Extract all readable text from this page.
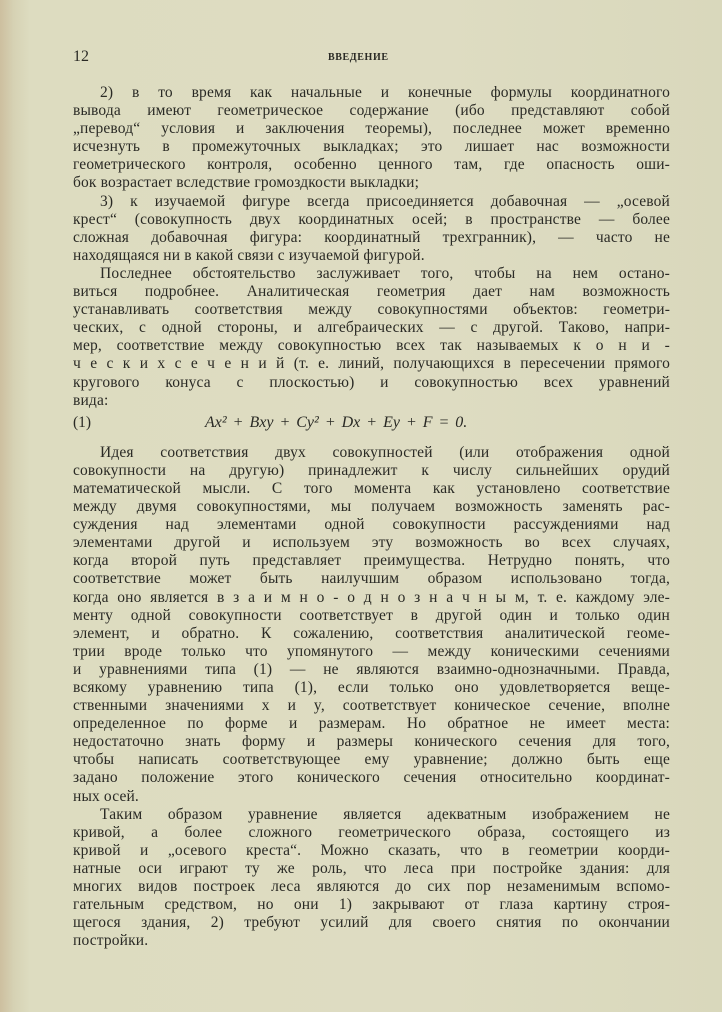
12	ВВЕДЕНИЕ
2) в то время как начальные и конечные формулы координатного
вывода имеют геометрическое содержание (ибо представляют собой
„перевод“ условия и заключения теоремы), последнее может временно
исчезнуть в промежуточных выкладках; это лишает нас возможности
геометрического контроля, особенно ценного там, где опасность оши-
бок возрастает вследствие громоздкости выкладки;
3) к изучаемой фигуре всегда присоединяется добавочная — „осевой
крест“ (совокупность двух координатных осей; в пространстве — более
сложная добавочная фигура: координатный трехгранник), — часто не
находящаяся ни в какой связи с изучаемой фигурой.
Последнее обстоятельство заслуживает того, чтобы на нем остано-
виться подробнее. Аналитическая геометрия дает нам возможность
устанавливать соответствия между совокупностями объектов: геометри-
ческих, с одной стороны, и алгебраических — с другой. Таково, напри-
мер, соответствие между совокупностью всех так называемых к о н и -
ч е с к и х с е ч е н и й (т. е. линий, получающихся в пересечении прямого
кругового конуса с плоскостью) и совокупностью всех уравнений
вида:
(1)	Ax² + Bxy + Cy² + Dx + Ey + F = 0.
Идея соответствия двух совокупностей (или отображения одной
совокупности на другую) принадлежит к числу сильнейших орудий
математической мысли. С того момента как установлено соответствие
между двумя совокупностями, мы получаем возможность заменять рас-
суждения над элементами одной совокупности рассуждениями над
элементами другой и используем эту возможность во всех случаях,
когда второй путь представляет преимущества. Нетрудно понять, что
соответствие может быть наилучшим образом использовано тогда,
когда оно является в з а и м н о - о д н о з н а ч н ы м, т. е. каждому эле-
менту одной совокупности соответствует в другой один и только один
элемент, и обратно. К сожалению, соответствия аналитической геоме-
трии вроде только что упомянутого — между коническими сечениями
и уравнениями типа (1) — не являются взаимно-однозначными. Правда,
всякому уравнению типа (1), если только оно удовлетворяется веще-
ственными значениями x и y, соответствует коническое сечение, вполне
определенное по форме и размерам. Но обратное не имеет места:
недостаточно знать форму и размеры конического сечения для того,
чтобы написать соответствующее ему уравнение; должно быть еще
задано положение этого конического сечения относительно координат-
ных осей.
Таким образом уравнение является адекватным изображением не
кривой, а более сложного геометрического образа, состоящего из
кривой и „осевого креста“. Можно сказать, что в геометрии коорди-
натные оси играют ту же роль, что леса при постройке здания: для
многих видов построек леса являются до сих пор незаменимым вспомо-
гательным средством, но они 1) закрывают от глаза картину строя-
щегося здания, 2) требуют усилий для своего снятия по окончании
постройки.
